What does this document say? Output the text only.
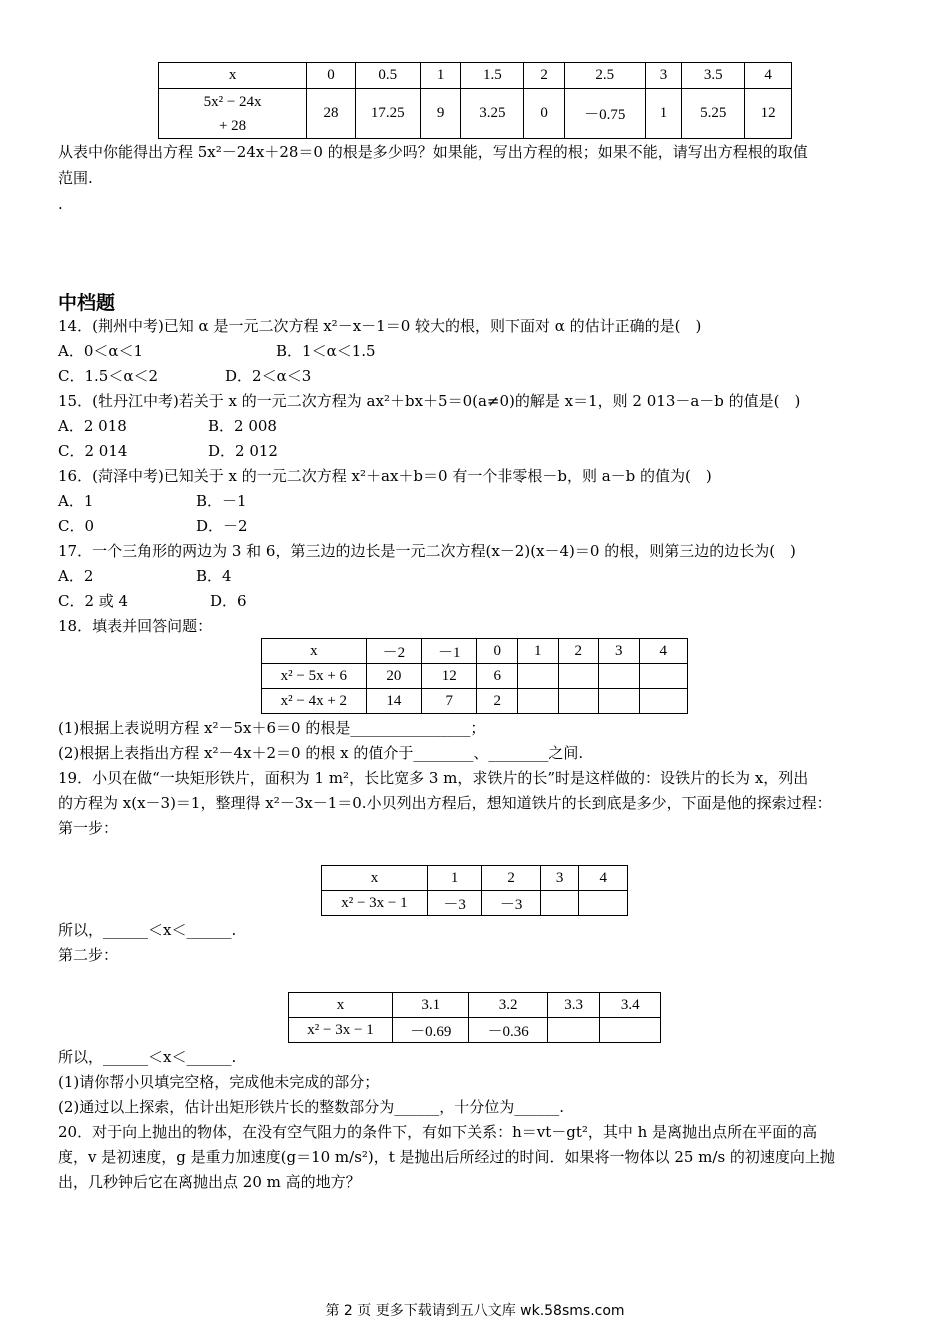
x	0	0.5	1	1.5	2	2.5	3	3.5	4

5x² − 24x
+ 28	28	17.25	9	3.25	0	－0.75	1	5.25	12
从表中你能得出方程 5x²－24x＋28＝0 的根是多少吗？如果能，写出方程的根；如果不能，请写出方程根的取值
范围.
.
中档题
14．(荆州中考)已知 α 是一元二次方程 x²－x－1＝0 较大的根，则下面对 α 的估计正确的是(　)
A．0＜α＜1	B．1＜α＜1.5
C．1.5＜α＜2	D．2＜α＜3
15．(牡丹江中考)若关于 x 的一元二次方程为 ax²＋bx＋5＝0(a≠0)的解是 x＝1，则 2 013－a－b 的值是(　)
A．2 018	B．2 008
C．2 014	D．2 012
16．(菏泽中考)已知关于 x 的一元二次方程 x²＋ax＋b＝0 有一个非零根－b，则 a－b 的值为(　)
A．1	B．－1
C．0	D．－2
17．一个三角形的两边为 3 和 6，第三边的边长是一元二次方程(x－2)(x－4)＝0 的根，则第三边的边长为(　)
A．2	B．4
C．2 或 4	D．6
18．填表并回答问题：
x	－2	－1	0	1	2	3	4
x² − 5x + 6	20	12	6				
x² − 4x + 2	14	7	2				
(1)根据上表说明方程 x²－5x＋6＝0 的根是________________；
(2)根据上表指出方程 x²－4x＋2＝0 的根 x 的值介于________、________之间.
19．小贝在做“一块矩形铁片，面积为 1 m²，长比宽多 3 m，求铁片的长”时是这样做的：设铁片的长为 x，列出
的方程为 x(x－3)＝1，整理得 x²－3x－1＝0.小贝列出方程后，想知道铁片的长到底是多少，下面是他的探索过程：
第一步：
x	1	2	3	4
x² − 3x − 1	－3	－3		
所以，______＜x＜______.
第二步：
x	3.1	3.2	3.3	3.4
x² − 3x − 1	－0.69	－0.36		
所以，______＜x＜______.
(1)请你帮小贝填完空格，完成他未完成的部分；
(2)通过以上探索，估计出矩形铁片长的整数部分为______，十分位为______.
20．对于向上抛出的物体，在没有空气阻力的条件下，有如下关系：h＝vt－gt²，其中 h 是离抛出点所在平面的高
度，v 是初速度，g 是重力加速度(g＝10 m/s²)，t 是抛出后所经过的时间．如果将一物体以 25 m/s 的初速度向上抛
出，几秒钟后它在离抛出点 20 m 高的地方？
第 2 页 更多下载请到五八文库 wk.58sms.com
